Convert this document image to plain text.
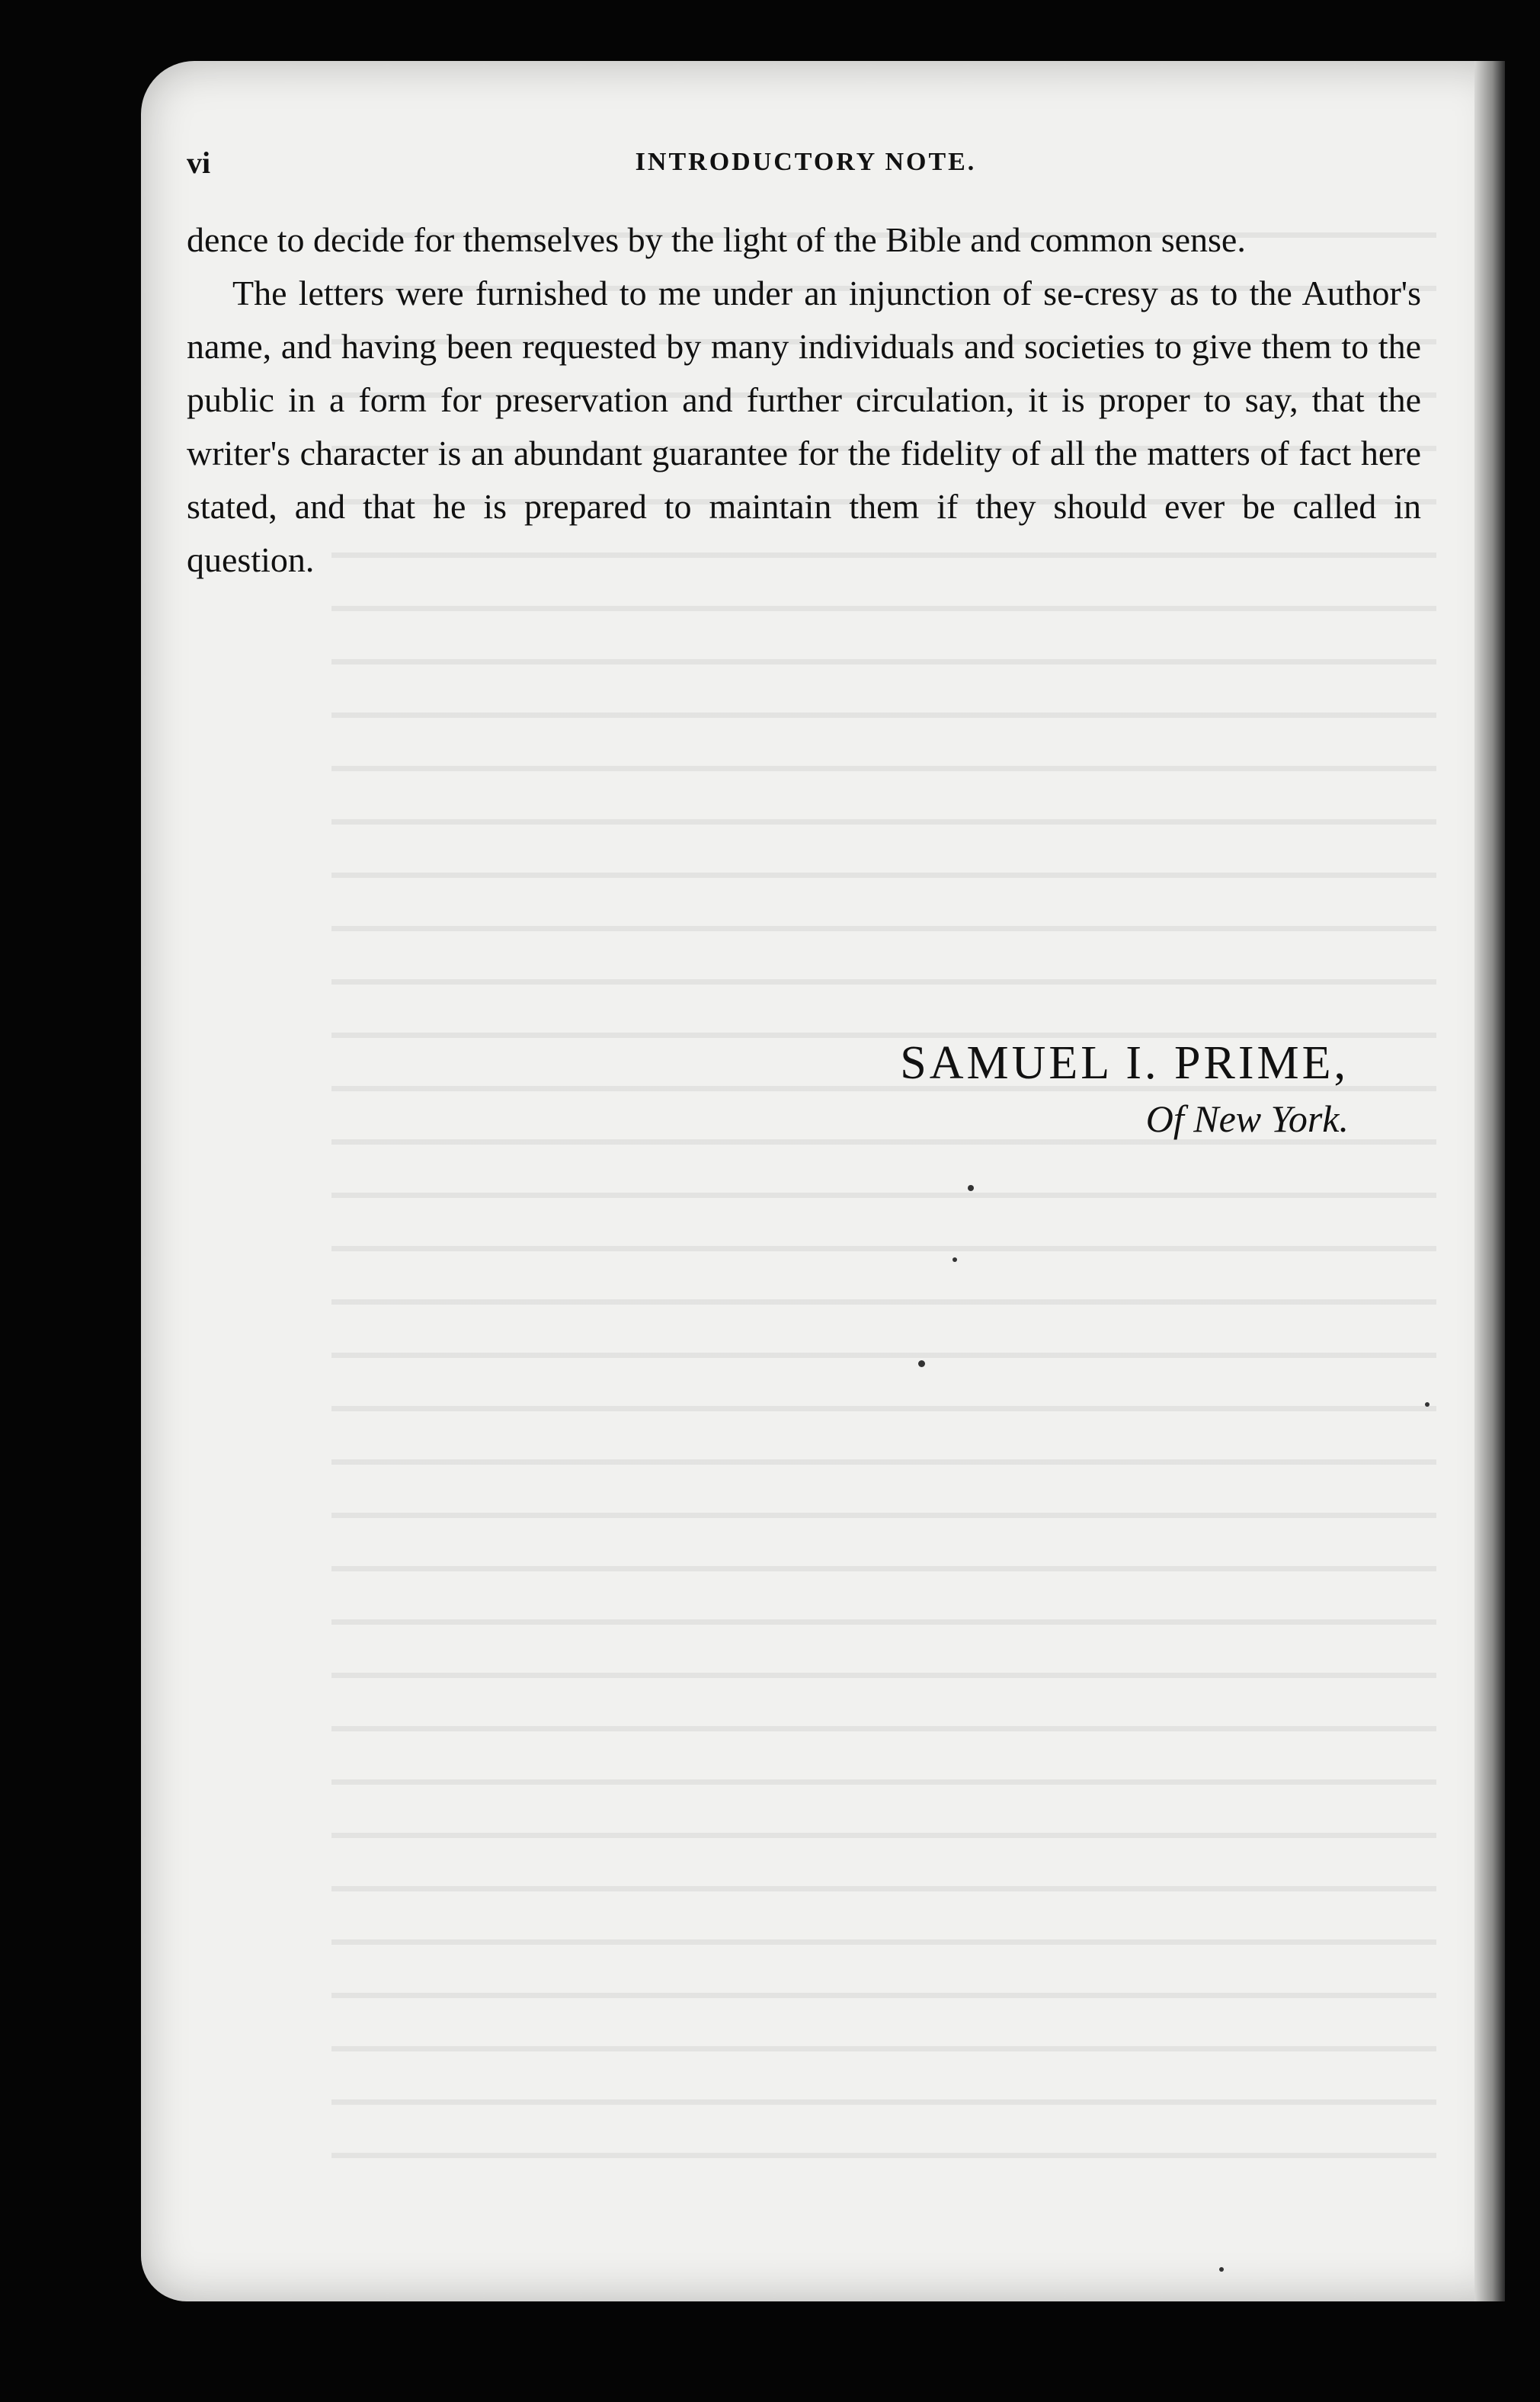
vi	INTRODUCTORY NOTE.

dence to decide for themselves by the light of the Bible and common sense.

The letters were furnished to me under an injunction of se-cresy as to the Author's name, and having been requested by many individuals and societies to give them to the public in a form for preservation and further circulation, it is proper to say, that the writer's character is an abundant guarantee for the fidelity of all the matters of fact here stated, and that he is prepared to maintain them if they should ever be called in question.

SAMUEL I. PRIME,
Of New York.
